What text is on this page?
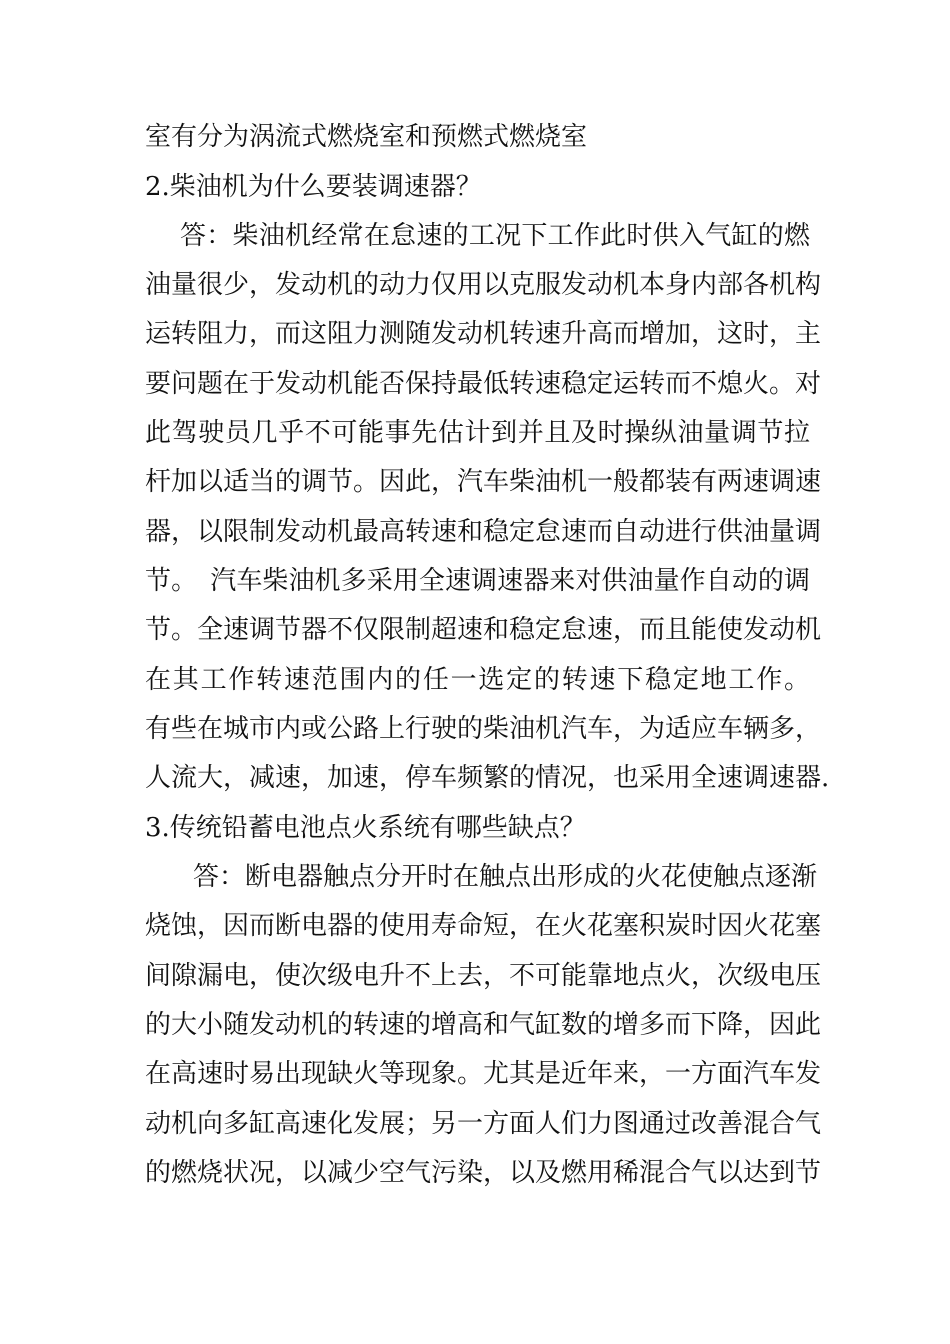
室有分为涡流式燃烧室和预燃式燃烧室
2.柴油机为什么要装调速器？
答：柴油机经常在怠速的工况下工作此时供入气缸的燃
油量很少，发动机的动力仅用以克服发动机本身内部各机构
运转阻力，而这阻力测随发动机转速升高而增加，这时，主
要问题在于发动机能否保持最低转速稳定运转而不熄火。对
此驾驶员几乎不可能事先估计到并且及时操纵油量调节拉
杆加以适当的调节。因此，汽车柴油机一般都装有两速调速
器，以限制发动机最高转速和稳定怠速而自动进行供油量调
节。　汽车柴油机多采用全速调速器来对供油量作自动的调
节。全速调节器不仅限制超速和稳定怠速，而且能使发动机
在其工作转速范围内的任一选定的转速下稳定地工作。
有些在城市内或公路上行驶的柴油机汽车，为适应车辆多，
人流大，减速，加速，停车频繁的情况，也采用全速调速器.
3.传统铅蓄电池点火系统有哪些缺点？
答：断电器触点分开时在触点出形成的火花使触点逐渐
烧蚀，因而断电器的使用寿命短，在火花塞积炭时因火花塞
间隙漏电，使次级电升不上去，不可能靠地点火，次级电压
的大小随发动机的转速的增高和气缸数的增多而下降，因此
在高速时易出现缺火等现象。尤其是近年来，一方面汽车发
动机向多缸高速化发展；另一方面人们力图通过改善混合气
的燃烧状况，以减少空气污染，以及燃用稀混合气以达到节
